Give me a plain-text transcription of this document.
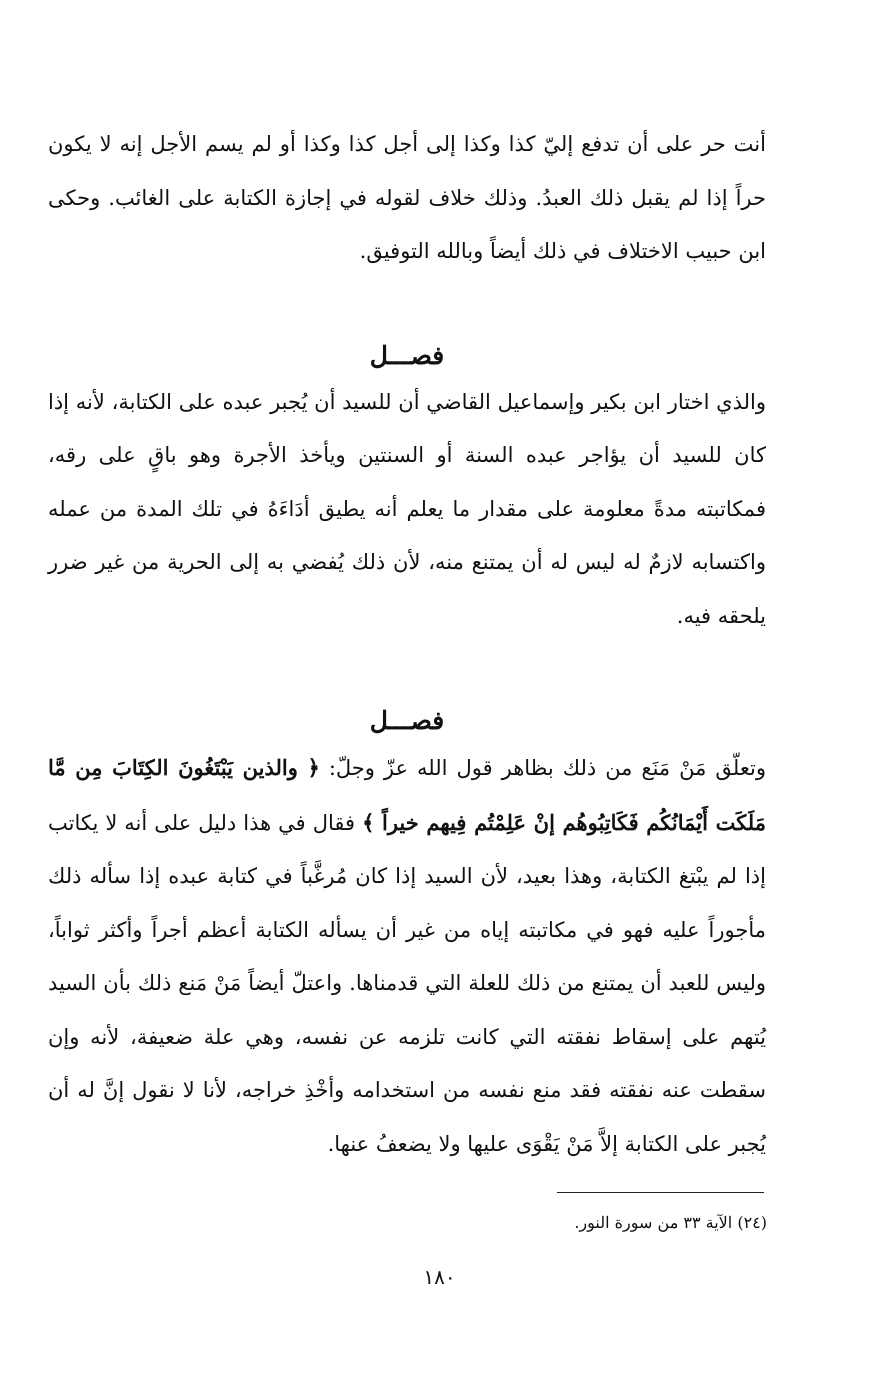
أنت حر على أن تدفع إليّ كذا وكذا إلى أجل كذا وكذا أو لم يسم الأجل إنه لا يكون حراً إذا لم يقبل ذلك العبدُ. وذلك خلاف لقوله في إجازة الكتابة على الغائب. وحكى ابن حبيب الاختلاف في ذلك أيضاً وبالله التوفيق.

فصـــل

والذي اختار ابن بكير وإسماعيل القاضي أن للسيد أن يُجبر عبده على الكتابة، لأنه إذا كان للسيد أن يؤاجر عبده السنة أو السنتين ويأخذ الأجرة وهو باقٍ على رقه، فمكاتبته مدةً معلومة على مقدار ما يعلم أنه يطيق أدَاءَهُ في تلك المدة من عمله واكتسابه لازمٌ له ليس له أن يمتنع منه، لأن ذلك يُفضي به إلى الحرية من غير ضرر يلحقه فيه.

فصـــل

وتعلّق مَنْ مَنَع من ذلك بظاهر قول الله عزّ وجلّ: ﴿ والذين يَبْتَغُونَ الكِتَابَ مِن مَّا مَلَكَت أَيْمَانُكُم فَكَاتِبُوهُم إنْ عَلِمْتُم فِيهم خيراً ﴾ فقال في هذا دليل على أنه لا يكاتب إذا لم يبْتغ الكتابة، وهذا بعيد، لأن السيد إذا كان مُرغَّباً في كتابة عبده إذا سأله ذلك مأجوراً عليه فهو في مكاتبته إياه من غير أن يسأله الكتابة أعظم أجراً وأكثر ثواباً، وليس للعبد أن يمتنع من ذلك للعلة التي قدمناها. واعتلّ أيضاً مَنْ مَنع ذلك بأن السيد يُتهم على إسقاط نفقته التي كانت تلزمه عن نفسه، وهي علة ضعيفة، لأنه وإن سقطت عنه نفقته فقد منع نفسه من استخدامه وأخْذِ خراجه، لأنا لا نقول إنَّ له أن يُجبر على الكتابة إلاَّ مَنْ يَقْوَى عليها ولا يضعفُ عنها.

(٢٤) الآية ٣٣ من سورة النور.
١٨٠
